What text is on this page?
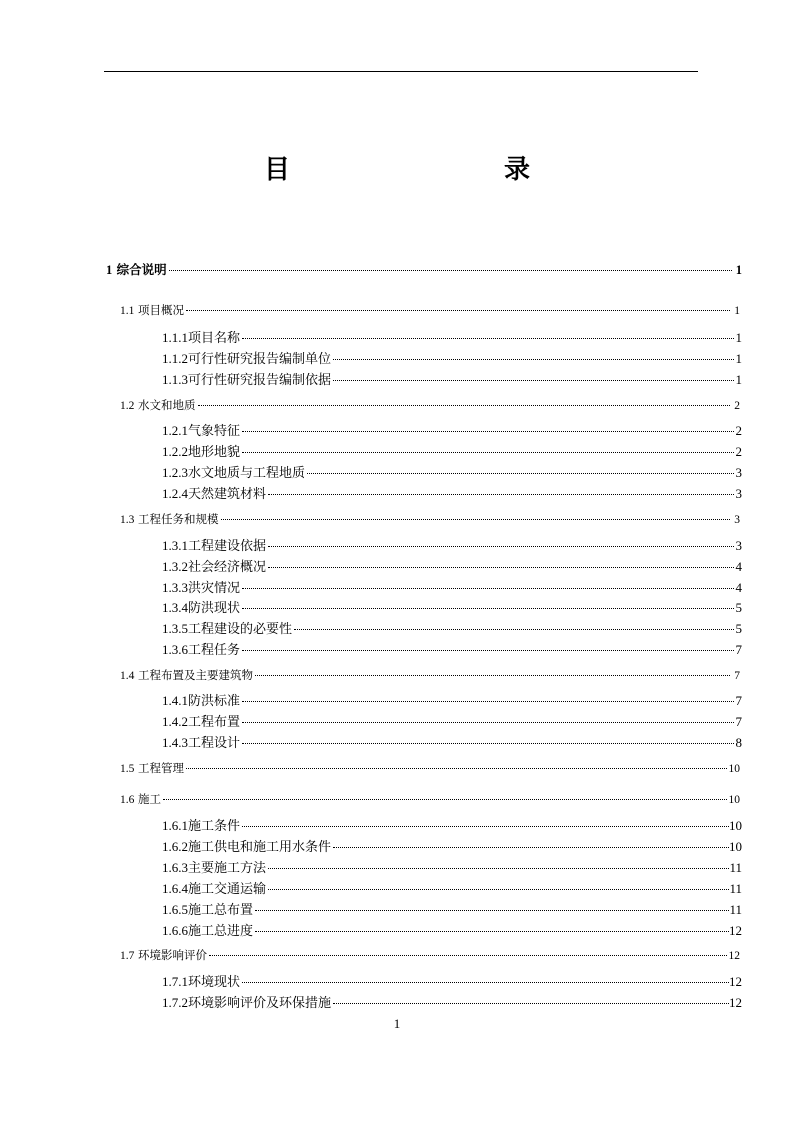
目　　录
1 综合说明	1
1.1 项目概况	1
1.1.1项目名称	1
1.1.2可行性研究报告编制单位	1
1.1.3可行性研究报告编制依据	1
1.2 水文和地质	2
1.2.1气象特征	2
1.2.2地形地貌	2
1.2.3水文地质与工程地质	3
1.2.4天然建筑材料	3
1.3 工程任务和规模	3
1.3.1工程建设依据	3
1.3.2社会经济概况	4
1.3.3洪灾情况	4
1.3.4防洪现状	5
1.3.5工程建设的必要性	5
1.3.6工程任务	7
1.4 工程布置及主要建筑物	7
1.4.1防洪标准	7
1.4.2工程布置	7
1.4.3工程设计	8
1.5 工程管理	10
1.6 施工	10
1.6.1施工条件	10
1.6.2施工供电和施工用水条件	10
1.6.3主要施工方法	11
1.6.4施工交通运输	11
1.6.5施工总布置	11
1.6.6施工总进度	12
1.7 环境影响评价	12
1.7.1环境现状	12
1.7.2环境影响评价及环保措施	12
1
